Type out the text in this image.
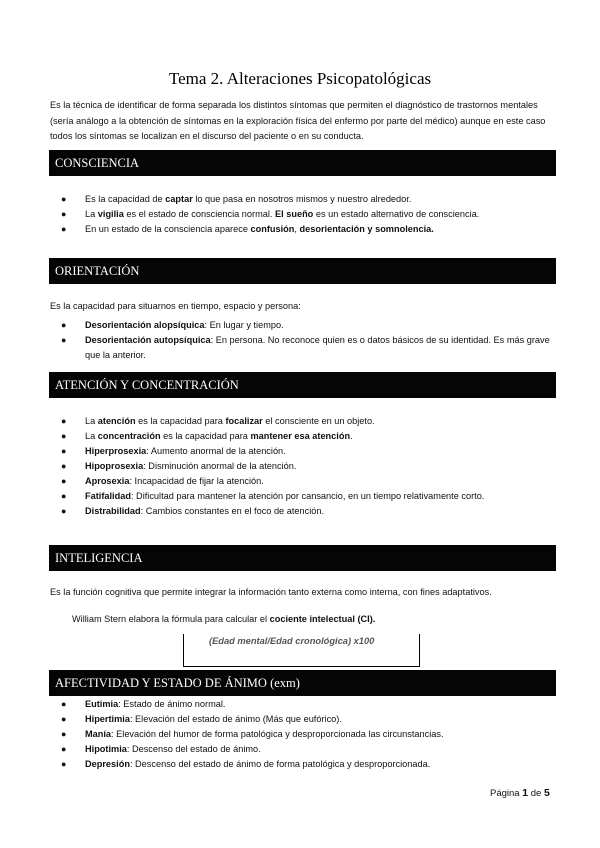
Tema 2. Alteraciones Psicopatológicas
Es la técnica de identificar de forma separada los distintos síntomas que permiten el diagnóstico de trastornos mentales (sería análogo a la obtención de síntomas en la exploración física del enfermo por parte del médico) aunque en este caso todos los síntomas se localizan en el discurso del paciente o en su conducta.
CONSCIENCIA
● Es la capacidad de captar lo que pasa en nosotros mismos y nuestro alrededor.
● La vigilia es el estado de consciencia normal. El sueño es un estado alternativo de consciencia.
● En un estado de la consciencia aparece confusión, desorientación y somnolencia.
ORIENTACIÓN
Es la capacidad para situarnos en tiempo, espacio y persona:
● Desorientación alopsíquica: En lugar y tiempo.
● Desorientación autopsíquica: En persona. No reconoce quien es o datos básicos de su identidad. Es más grave que la anterior.
ATENCIÓN Y CONCENTRACIÓN
● La atención es la capacidad para focalizar el consciente en un objeto.
● La concentración es la capacidad para mantener esa atención.
● Hiperprosexia: Aumento anormal de la atención.
● Hipoprosexia: Disminución anormal de la atención.
● Aprosexia: Incapacidad de fijar la atención.
● Fatifalidad: Dificultad para mantener la atención por cansancio, en un tiempo relativamente corto.
● Distrabilidad: Cambios constantes en el foco de atención.
INTELIGENCIA
Es la función cognitiva que permite integrar la información tanto externa como interna, con fines adaptativos.
William Stern elabora la fórmula para calcular el cociente intelectual (CI).
(Edad mental/Edad cronológica) x100
AFECTIVIDAD Y ESTADO DE ÁNIMO (exm)
● Eutimia: Estado de ánimo normal.
● Hipertimia: Elevación del estado de ánimo (Más que eufórico).
● Manía: Elevación del humor de forma patológica y desproporcionada las circunstancias.
● Hipotimia: Descenso del estado de ánimo.
● Depresión: Descenso del estado de ánimo de forma patológica y desproporcionada.
Página 1 de 5
